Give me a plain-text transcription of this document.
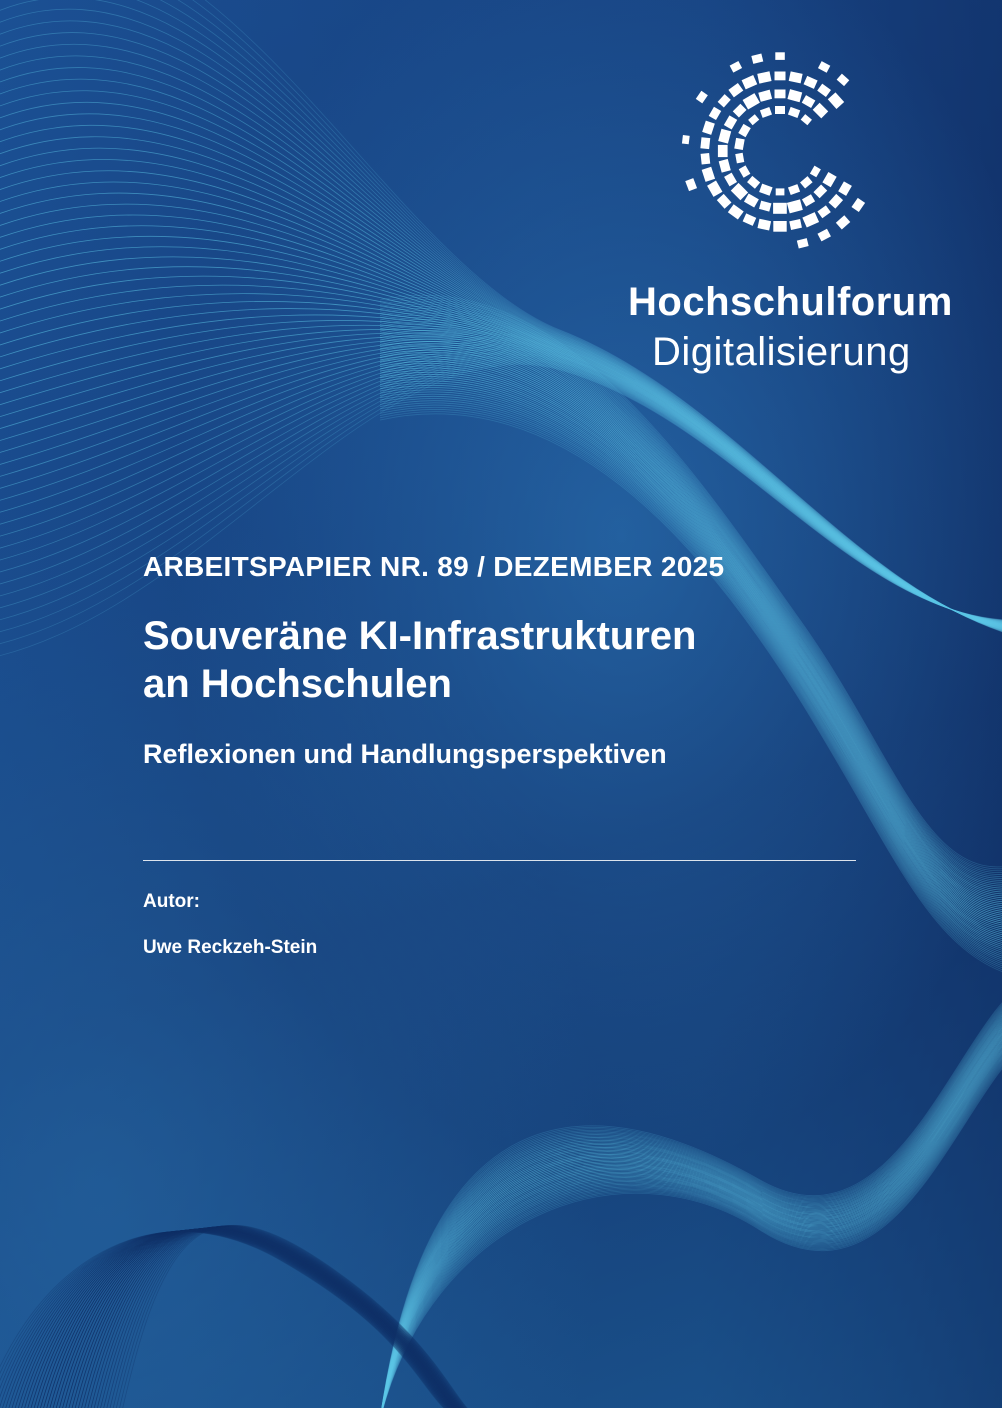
Hochschulforum
Digitalisierung
ARBEITSPAPIER NR. 89 / DEZEMBER 2025
Souveräne KI-Infrastrukturen
an Hochschulen
Reflexionen und Handlungsperspektiven
Autor:
Uwe Reckzeh-Stein
